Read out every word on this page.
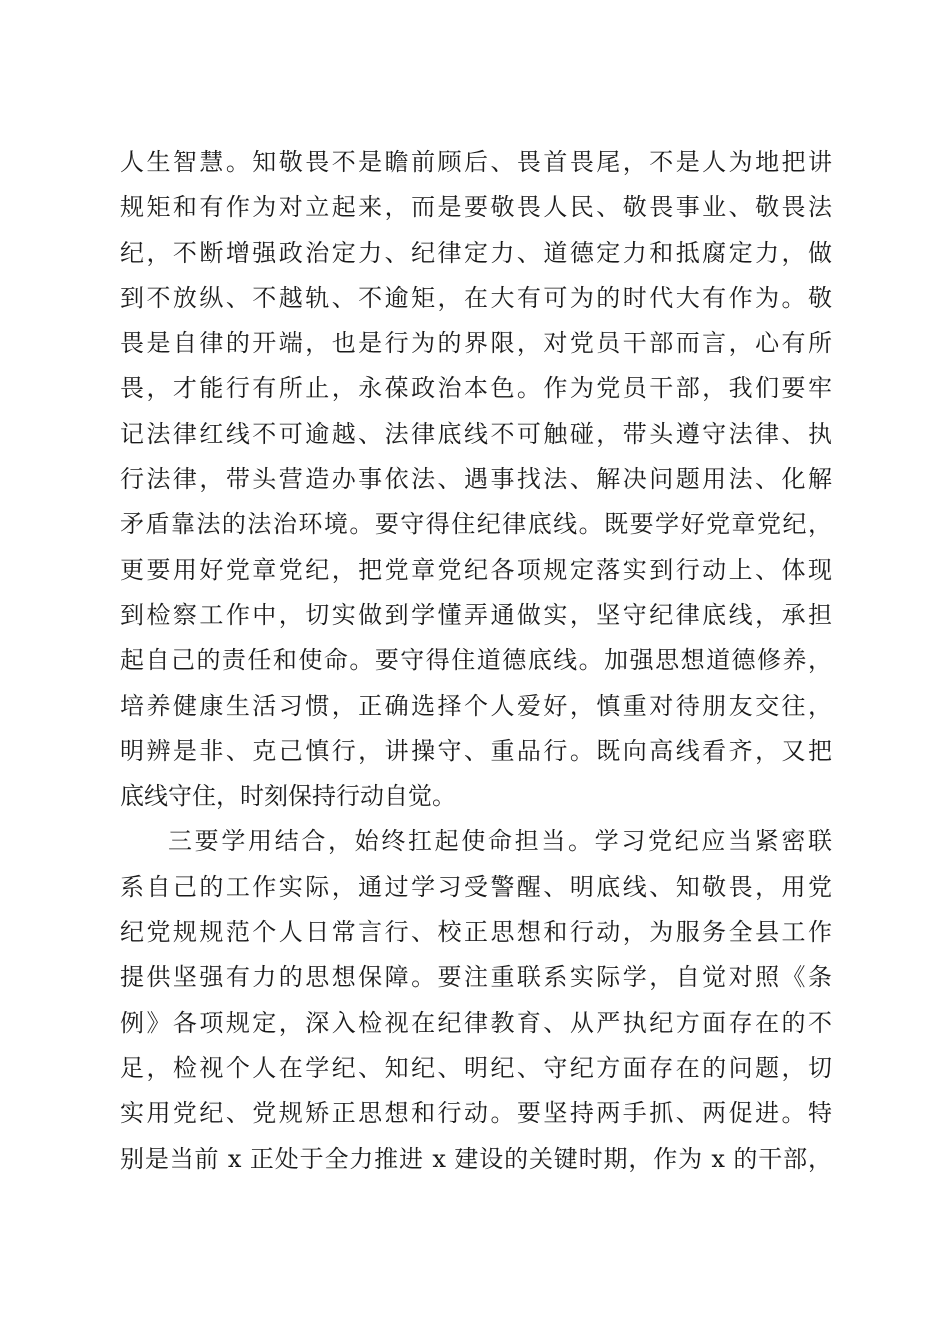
人生智慧。知敬畏不是瞻前顾后、畏首畏尾，不是人为地把讲
规矩和有作为对立起来，而是要敬畏人民、敬畏事业、敬畏法
纪，不断增强政治定力、纪律定力、道德定力和抵腐定力，做
到不放纵、不越轨、不逾矩，在大有可为的时代大有作为。敬
畏是自律的开端，也是行为的界限，对党员干部而言，心有所
畏，才能行有所止，永葆政治本色。作为党员干部，我们要牢
记法律红线不可逾越、法律底线不可触碰，带头遵守法律、执
行法律，带头营造办事依法、遇事找法、解决问题用法、化解
矛盾靠法的法治环境。要守得住纪律底线。既要学好党章党纪，
更要用好党章党纪，把党章党纪各项规定落实到行动上、体现
到检察工作中，切实做到学懂弄通做实，坚守纪律底线，承担
起自己的责任和使命。要守得住道德底线。加强思想道德修养，
培养健康生活习惯，正确选择个人爱好，慎重对待朋友交往，
明辨是非、克己慎行，讲操守、重品行。既向高线看齐，又把
底线守住，时刻保持行动自觉。
三要学用结合，始终扛起使命担当。学习党纪应当紧密联
系自己的工作实际，通过学习受警醒、明底线、知敬畏，用党
纪党规规范个人日常言行、校正思想和行动，为服务全县工作
提供坚强有力的思想保障。要注重联系实际学，自觉对照《条
例》各项规定，深入检视在纪律教育、从严执纪方面存在的不
足，检视个人在学纪、知纪、明纪、守纪方面存在的问题，切
实用党纪、党规矫正思想和行动。要坚持两手抓、两促进。特
别是当前 x 正处于全力推进 x 建设的关键时期，作为 x 的干部，
